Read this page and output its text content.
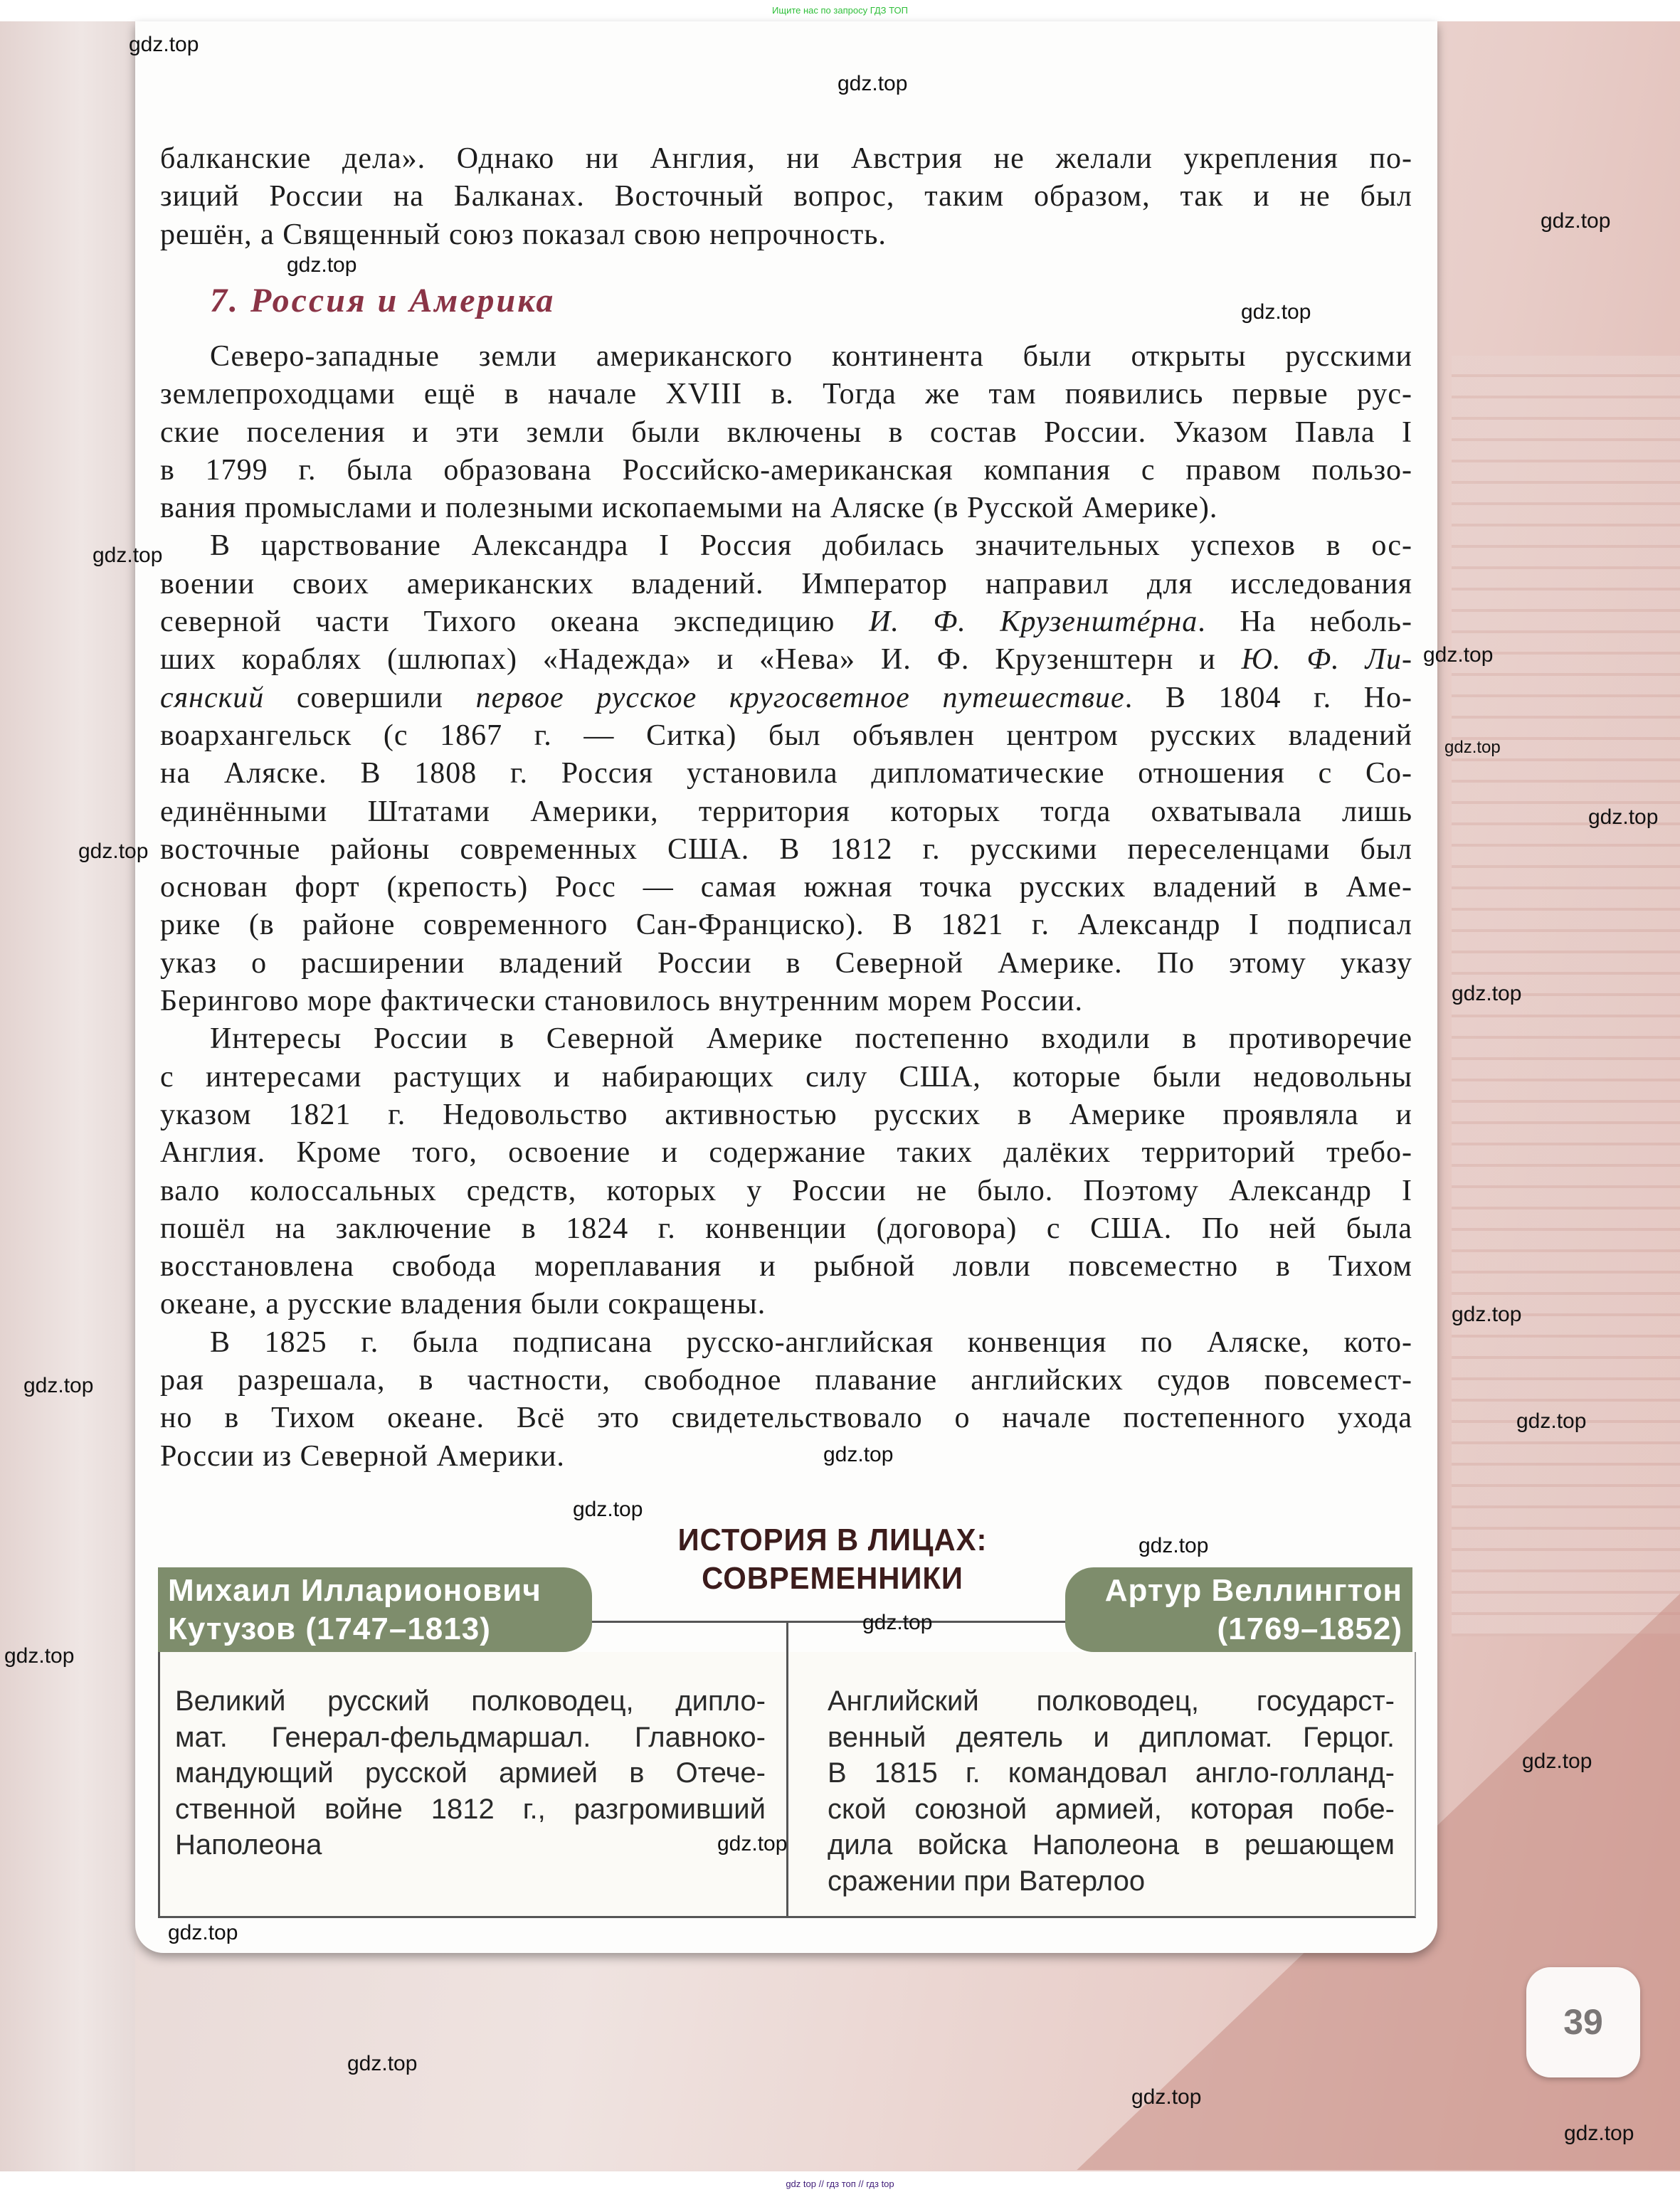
Ищите нас по запросу ГДЗ ТОП
балканские дела». Однако ни Англия, ни Австрия не желали укрепления по-
зиций России на Балканах. Восточный вопрос, таким образом, так и не был
решён, а Священный союз показал свою непрочность.
7. Россия и Америка
Северо-западные земли американского континента были открыты русскими
землепроходцами ещё в начале XVIII в. Тогда же там появились первые рус-
ские поселения и эти земли были включены в состав России. Указом Павла I
в 1799 г. была образована Российско-американская компания с правом пользо-
вания промыслами и полезными ископаемыми на Аляске (в Русской Америке).
В царствование Александра I Россия добилась значительных успехов в ос-
воении своих американских владений. Император направил для исследования
северной части Тихого океана экспедицию И. Ф. Крузенштéрна. На неболь-
ших кораблях (шлюпах) «Надежда» и «Нева» И. Ф. Крузенштерн и Ю. Ф. Ли-
сянский совершили первое русское кругосветное путешествие. В 1804 г. Но-
воархангельск (с 1867 г. — Ситка) был объявлен центром русских владений
на Аляске. В 1808 г. Россия установила дипломатические отношения с Со-
единёнными Штатами Америки, территория которых тогда охватывала лишь
восточные районы современных США. В 1812 г. русскими переселенцами был
основан форт (крепость) Росс — самая южная точка русских владений в Аме-
рике (в районе современного Сан-Франциско). В 1821 г. Александр I подписал
указ о расширении владений России в Северной Америке. По этому указу
Берингово море фактически становилось внутренним морем России.
Интересы России в Северной Америке постепенно входили в противоречие
с интересами растущих и набирающих силу США, которые были недовольны
указом 1821 г. Недовольство активностью русских в Америке проявляла и
Англия. Кроме того, освоение и содержание таких далёких территорий требо-
вало колоссальных средств, которых у России не было. Поэтому Александр I
пошёл на заключение в 1824 г. конвенции (договора) с США. По ней была
восстановлена свобода мореплавания и рыбной ловли повсеместно в Тихом
океане, а русские владения были сокращены.
В 1825 г. была подписана русско-английская конвенция по Аляске, кото-
рая разрешала, в частности, свободное плавание английских судов повсемест-
но в Тихом океане. Всё это свидетельствовало о начале постепенного ухода
России из Северной Америки.
ИСТОРИЯ В ЛИЦАХ:
СОВРЕМЕННИКИ
Михаил Илларионович
Кутузов (1747–1813)
Артур Веллингтон
(1769–1852)
Великий русский полководец, дипло-
мат. Генерал-фельдмаршал. Главноко-
мандующий русской армией в Отече-
ственной войне 1812 г., разгромивший
Наполеона
Английский полководец, государст-
венный деятель и дипломат. Герцог.
В 1815 г. командовал англо-голланд-
ской союзной армией, которая побе-
дила войска Наполеона в решающем
сражении при Ватерлоо
39
gdz.top
gdz.top
gdz.top
gdz.top
gdz.top
gdz.top
gdz.top
gdz.top
gdz.top
gdz.top
gdz.top
gdz.top
gdz.top
gdz.top
gdz.top
gdz.top
gdz.top
gdz.top
gdz.top
gdz.top
gdz.top
gdz.top
gdz.top
gdz.top
gdz.top
gdz top // гдз топ // гдз top
